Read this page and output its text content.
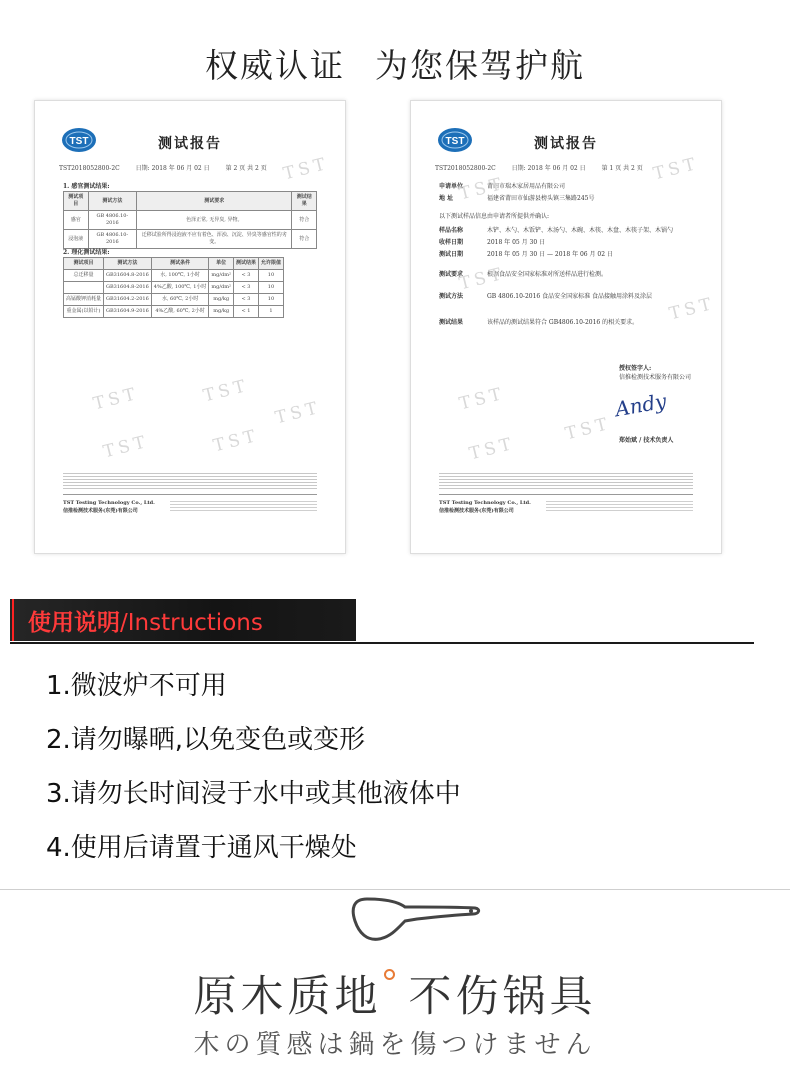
权威认证 为您保驾护航
TST	测试报告
TST2018052800-2C	日期: 2018 年 06 月 02 日	第 2 页 共 2 页
1. 感官测试结果:
测试项目	测试方法	测试要求	测试结果
感官	GB 4806.10-2016	色泽正常, 无异臭, 异物。	符合
浸泡液	GB 4806.10-2016	迁移试验所得浸泡液不应有着色、浑浊、沉淀、异臭等感官性的劣变。	符合
2. 理化测试结果:
测试项目	测试方法	测试条件	单位	测试结果	允许限值
总迁移量	GB31604.8-2016	水, 100℃, 1小时	mg/dm²	< 3	10
	GB31604.8-2016	4%乙酸, 100℃, 1小时	mg/dm²	< 3	10
高锰酸钾消耗量	GB31604.2-2016	水, 60℃, 2小时	mg/kg	< 3	10
重金属(以铅计)	GB31604.9-2016	4%乙酸, 60℃, 2小时	mg/kg	< 1	1
TST	TST
TST
TST	TST
TST
TST Testing Technology Co., Ltd.
信推检测技术服务(东莞)有限公司
TST	测试报告
TST2018052800-2C	日期: 2018 年 06 月 02 日	第 1 页 共 2 页
申请单位	莆田市瑞木家居用品有限公司
地 址	福建省莆田市仙游县榜头镇三集路245号
以下测试样品信息由申请者所提供并确认:
样品名称	木铲、木勺、木饭铲、木汤勺、木碗、木筷、木盘、木筷子架、木锅勺
收样日期	2018 年 05 月 30 日
测试日期	2018 年 05 月 30 日 — 2018 年 06 月 02 日
测试要求	根据食品安全国家标准对所送样品进行检测。
测试方法	GB 4806.10-2016 食品安全国家标准 食品接触用涂料及涂层
测试结果	该样品的测试结果符合 GB4806.10-2016 的相关要求。
授权签字人:
信推检测技术服务有限公司
Andy
郑始斌 / 技术负责人
TST
TST
TST
TST
TST
TST
TST
TST Testing Technology Co., Ltd.
信推检测技术服务(东莞)有限公司
使用说明/Instructions
1.微波炉不可用
2.请勿曝晒,以免变色或变形
3.请勿长时间浸于水中或其他液体中
4.使用后请置于通风干燥处
原木质地 不伤锅具
木の質感は鍋を傷つけません
